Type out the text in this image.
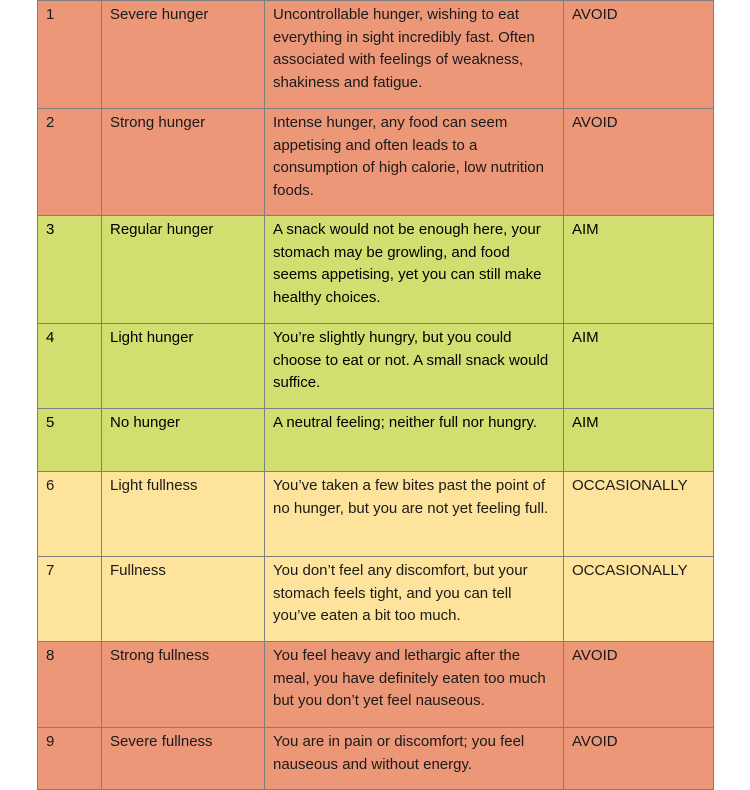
1	Severe hunger	Uncontrollable hunger, wishing to eat everything in sight incredibly fast. Often associated with feelings of weakness, shakiness and fatigue.	AVOID
2	Strong hunger	Intense hunger, any food can seem appetising and often leads to a consumption of high calorie, low nutrition foods.	AVOID
3	Regular hunger	A snack would not be enough here, your stomach may be growling, and food seems appetising, yet you can still make healthy choices.	AIM
4	Light hunger	You’re slightly hungry, but you could choose to eat or not. A small snack would suffice.	AIM
5	No hunger	A neutral feeling; neither full nor hungry.	AIM
6	Light fullness	You’ve taken a few bites past the point of no hunger, but you are not yet feeling full.	OCCASIONALLY
7	Fullness	You don’t feel any discomfort, but your stomach feels tight, and you can tell you’ve eaten a bit too much.	OCCASIONALLY
8	Strong fullness	You feel heavy and lethargic after the meal, you have definitely eaten too much but you don’t yet feel nauseous.	AVOID
9	Severe fullness	You are in pain or discomfort; you feel nauseous and without energy.	AVOID
